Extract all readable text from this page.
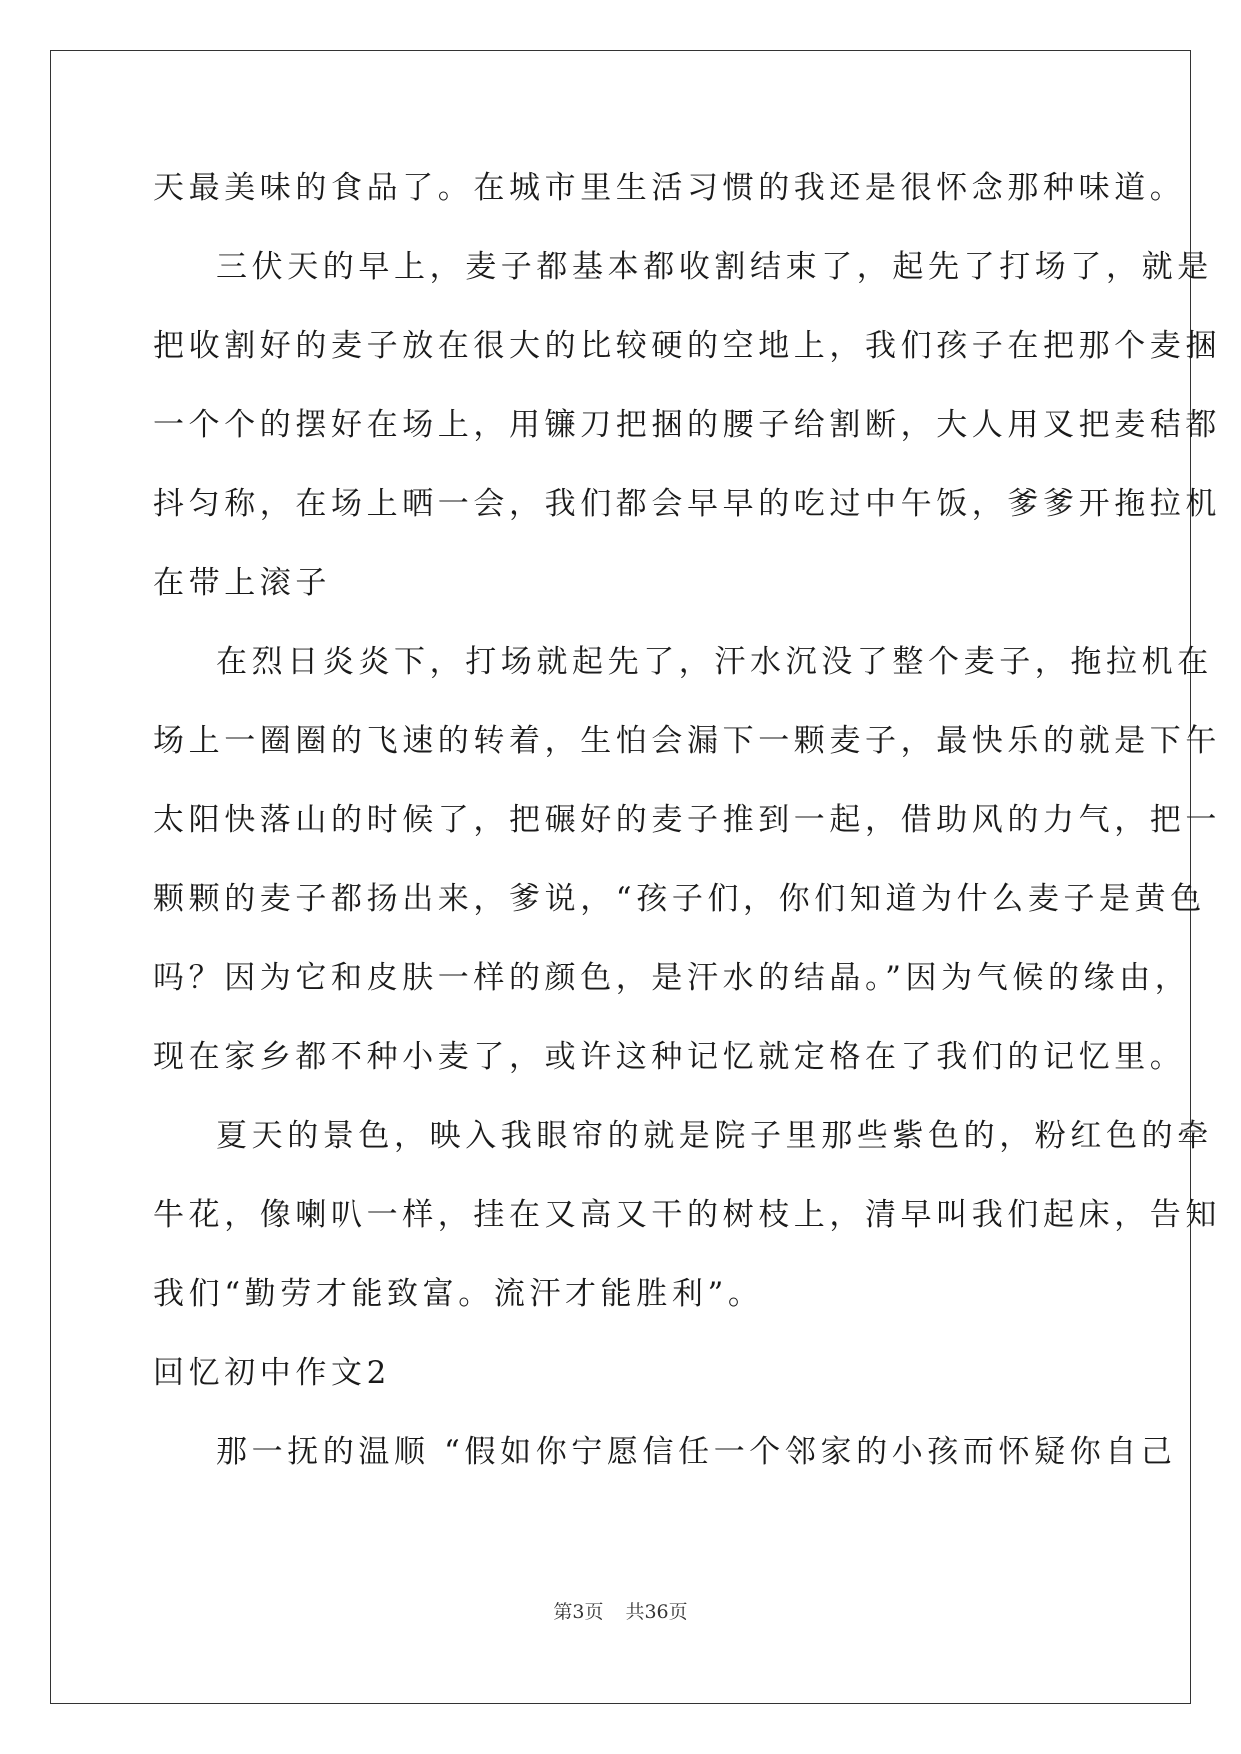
天最美味的食品了。在城市里生活习惯的我还是很怀念那种味道。
三伏天的早上，麦子都基本都收割结束了，起先了打场了，就是
把收割好的麦子放在很大的比较硬的空地上，我们孩子在把那个麦捆
一个个的摆好在场上，用镰刀把捆的腰子给割断，大人用叉把麦秸都
抖匀称，在场上晒一会，我们都会早早的吃过中午饭，爹爹开拖拉机
在带上滚子
在烈日炎炎下，打场就起先了，汗水沉没了整个麦子，拖拉机在
场上一圈圈的飞速的转着，生怕会漏下一颗麦子，最快乐的就是下午
太阳快落山的时候了，把碾好的麦子推到一起，借助风的力气，把一
颗颗的麦子都扬出来，爹说，“孩子们，你们知道为什么麦子是黄色
吗？因为它和皮肤一样的颜色，是汗水的结晶。”因为气候的缘由，
现在家乡都不种小麦了，或许这种记忆就定格在了我们的记忆里。
夏天的景色，映入我眼帘的就是院子里那些紫色的，粉红色的牵
牛花，像喇叭一样，挂在又高又干的树枝上，清早叫我们起床，告知
我们“勤劳才能致富。流汗才能胜利”。
回忆初中作文2
那一抚的温顺 “假如你宁愿信任一个邻家的小孩而怀疑你自己
第3页 共36页
